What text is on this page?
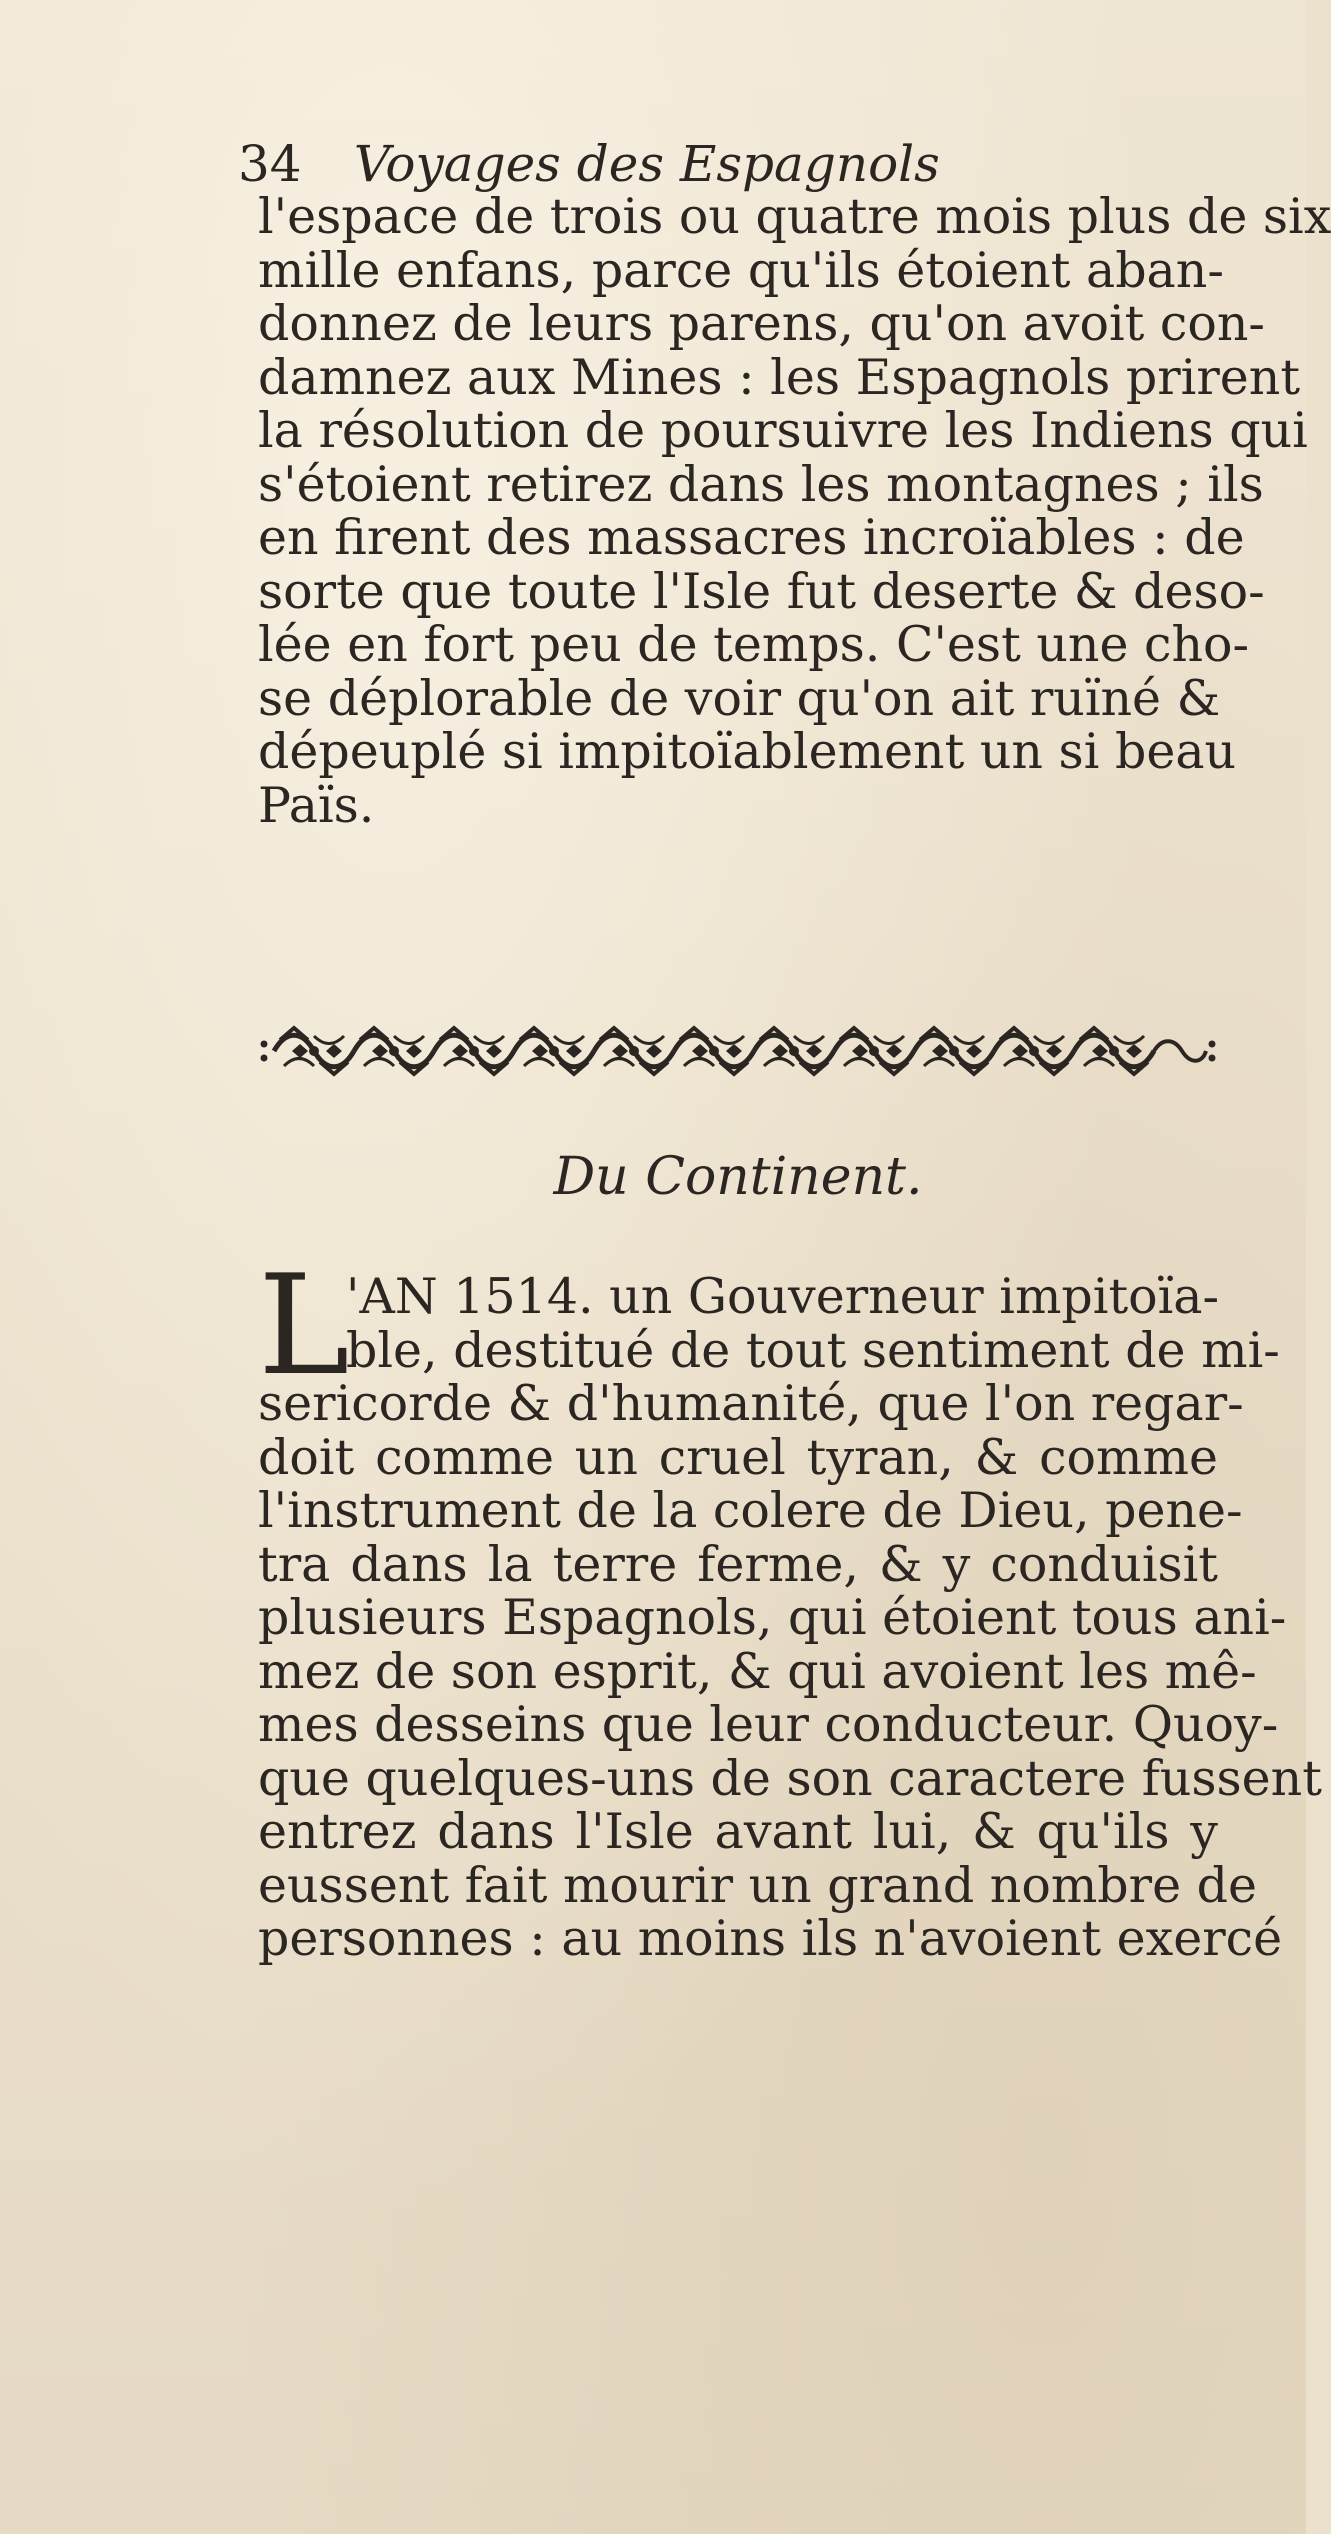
34 Voyages des Espagnols
l'espace de trois ou quatre mois plus de six
mille enfans, parce qu'ils étoient aban-
donnez de leurs parens, qu'on avoit con-
damnez aux Mines : les Espagnols prirent
la résolution de poursuivre les Indiens qui
s'étoient retirez dans les montagnes ; ils
en firent des massacres incroïables : de
sorte que toute l'Isle fut deserte & deso-
lée en fort peu de temps. C'est une cho-
se déplorable de voir qu'on ait ruïné &
dépeuplé si impitoïablement un si beau
Païs.
Du Continent.
L
'AN 1514. un Gouverneur impitoïa-
ble, destitué de tout sentiment de mi-
sericorde & d'humanité, que l'on regar-
doit comme un cruel tyran, & comme
l'instrument de la colere de Dieu, pene-
tra dans la terre ferme, & y conduisit
plusieurs Espagnols, qui étoient tous ani-
mez de son esprit, & qui avoient les mê-
mes desseins que leur conducteur. Quoy-
que quelques-uns de son caractere fussent
entrez dans l'Isle avant lui, & qu'ils y
eussent fait mourir un grand nombre de
personnes : au moins ils n'avoient exercé
